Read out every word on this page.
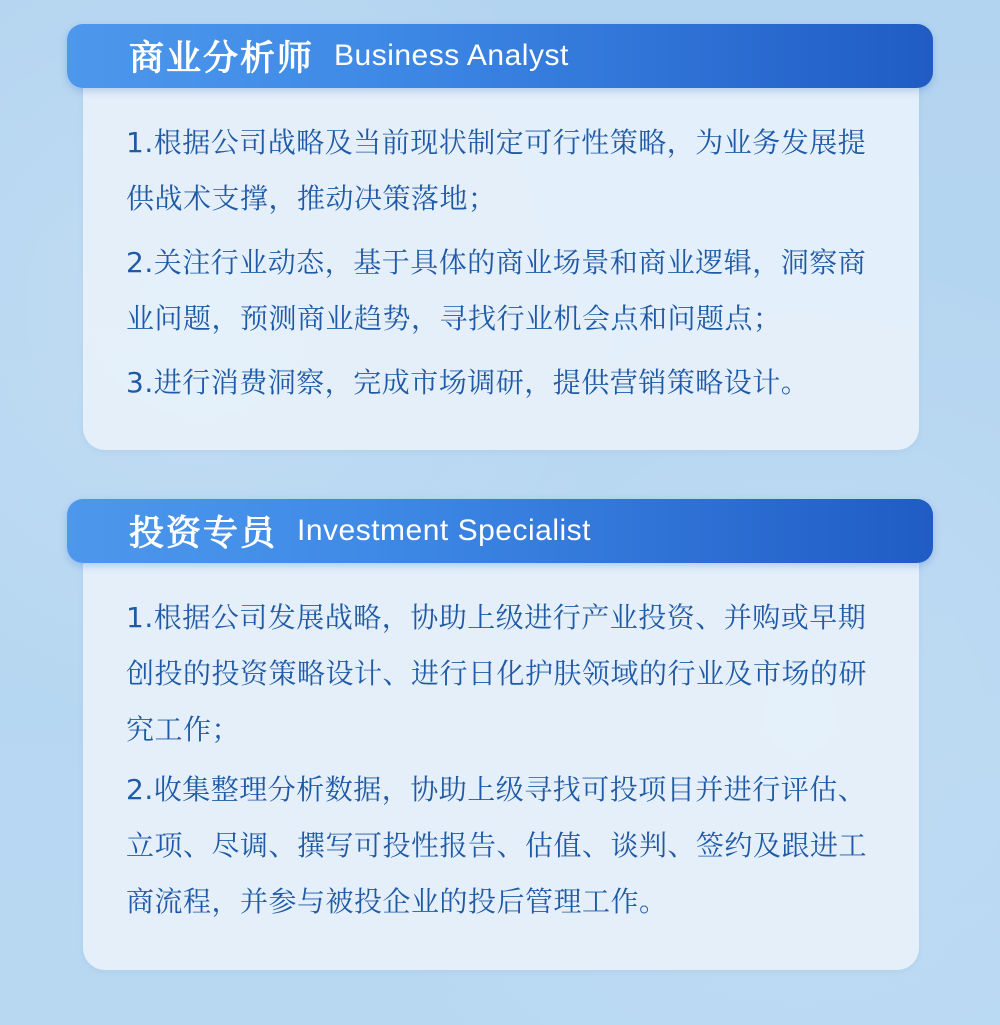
商业分析师 Business Analyst
1.根据公司战略及当前现状制定可行性策略，为业务发展提供战术支撑，推动决策落地；
2.关注行业动态，基于具体的商业场景和商业逻辑，洞察商业问题，预测商业趋势，寻找行业机会点和问题点；
3.进行消费洞察，完成市场调研，提供营销策略设计。
投资专员 Investment Specialist
1.根据公司发展战略，协助上级进行产业投资、并购或早期创投的投资策略设计、进行日化护肤领域的行业及市场的研究工作；
2.收集整理分析数据，协助上级寻找可投项目并进行评估、立项、尽调、撰写可投性报告、估值、谈判、签约及跟进工商流程，并参与被投企业的投后管理工作。
